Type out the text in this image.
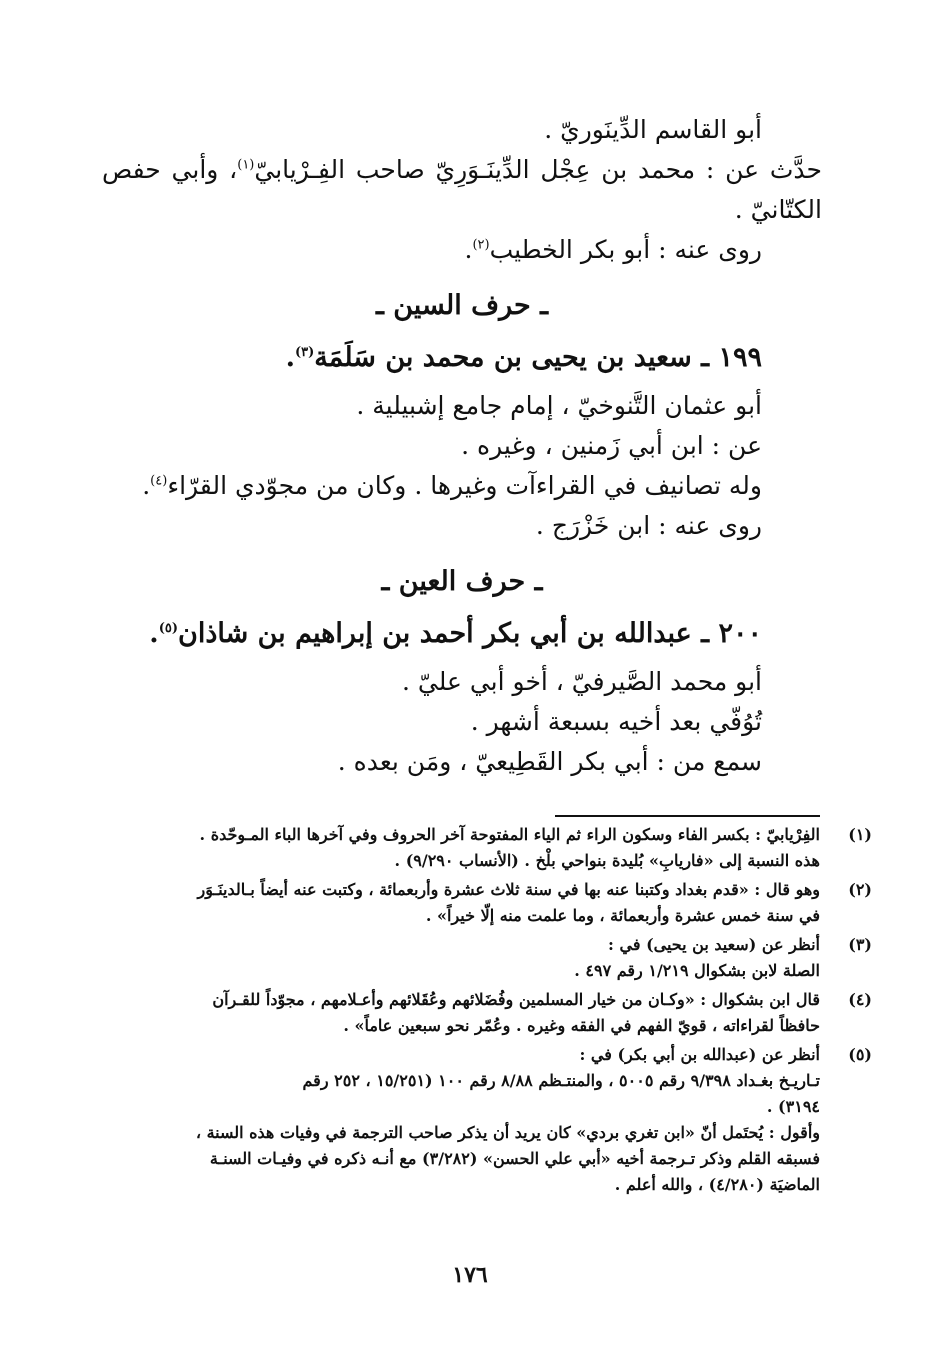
أبو القاسم الدِّينَوريّ .

حدَّث عن : محمد بن عِجْل الدِّينَـوَرِيّ صاحب الفِـرْيابيّ$^{(١)}$، وأبي حفص الكتّانيّ .

روى عنه : أبو بكر الخطيب$^{(٢)}$.

ـ حرف السين ـ

١٩٩ ـ سعيد بن يحيى بن محمد بن سَلَمَة$^{(٣)}$.

أبو عثمان التَّنوخيّ ، إمام جامع إشبيلية .

عن : ابن أبي زَمنين ، وغيره .

وله تصانيف في القراءآت وغيرها . وكان من مجوّدي القرّاء$^{(٤)}$.

روى عنه : ابن خَزْرَج .

ـ حرف العين ـ

٢٠٠ ـ عبدالله بن أبي بكر أحمد بن إبراهيم بن شاذان$^{(٥)}$.

أبو محمد الصَّيرفيّ ، أخو أبي عليّ .

تُوُفّي بعد أخيه بسبعة أشهر .

سمع من : أبي بكر القَطِيعيّ ، ومَن بعده .

(١)
الفِرْيابيّ : بكسر الفاء وسكون الراء ثم الياء المفتوحة آخر الحروف وفي آخرها الباء المـوحّدة .
هذه النسبة إلى «فاريابِ» بُليدة بنواحي بلْخ . (الأنساب ٩/٢٩٠) .
(٢)
وهو قال : «قدم بغداد وكتبنا عنه بها في سنة ثلاث عشرة وأربعمائة ، وكتبت عنه أيضاً بـالدينَـوَر
في سنة خمس عشرة وأربعمائة ، وما علمت منه إلّا خيراً» .
(٣)
أنظر عن (سعيد بن يحيى) في :
الصلة لابن بشكوال ١/٢١٩ رقم ٤٩٧ .
(٤)
قال ابن بشكوال : «وكـان من خيار المسلمين وفُضَلائهم وعُقَلائهم وأعـلامهم ، مجوّداً للقـرآن
حافظاً لقراءاته ، قويّ الفهم في الفقه وغيره . وعُمّر نحو سبعين عاماً» .
(٥)
أنظر عن (عبدالله بن أبي بكر) في :
تـاريـخ بغـداد ٩/٣٩٨ رقم ٥٠٠٥ ، والمنتـظم ٨/٨٨ رقم ١٠٠ (١٥/٢٥١ ، ٢٥٢ رقم
٣١٩٤) .
وأقول : يُحتَمل أنّ «ابن تغري بردي» كان يريد أن يذكر صاحب الترجمة في وفيات هذه السنة ،
فسبقه القلم وذكر تـرجمة أخيه «أبي علي الحسن» (٣/٢٨٢) مع أنـه ذكره في وفيـات السنـة
الماضيَة (٤/٢٨٠) ، والله أعلم .
١٧٦
